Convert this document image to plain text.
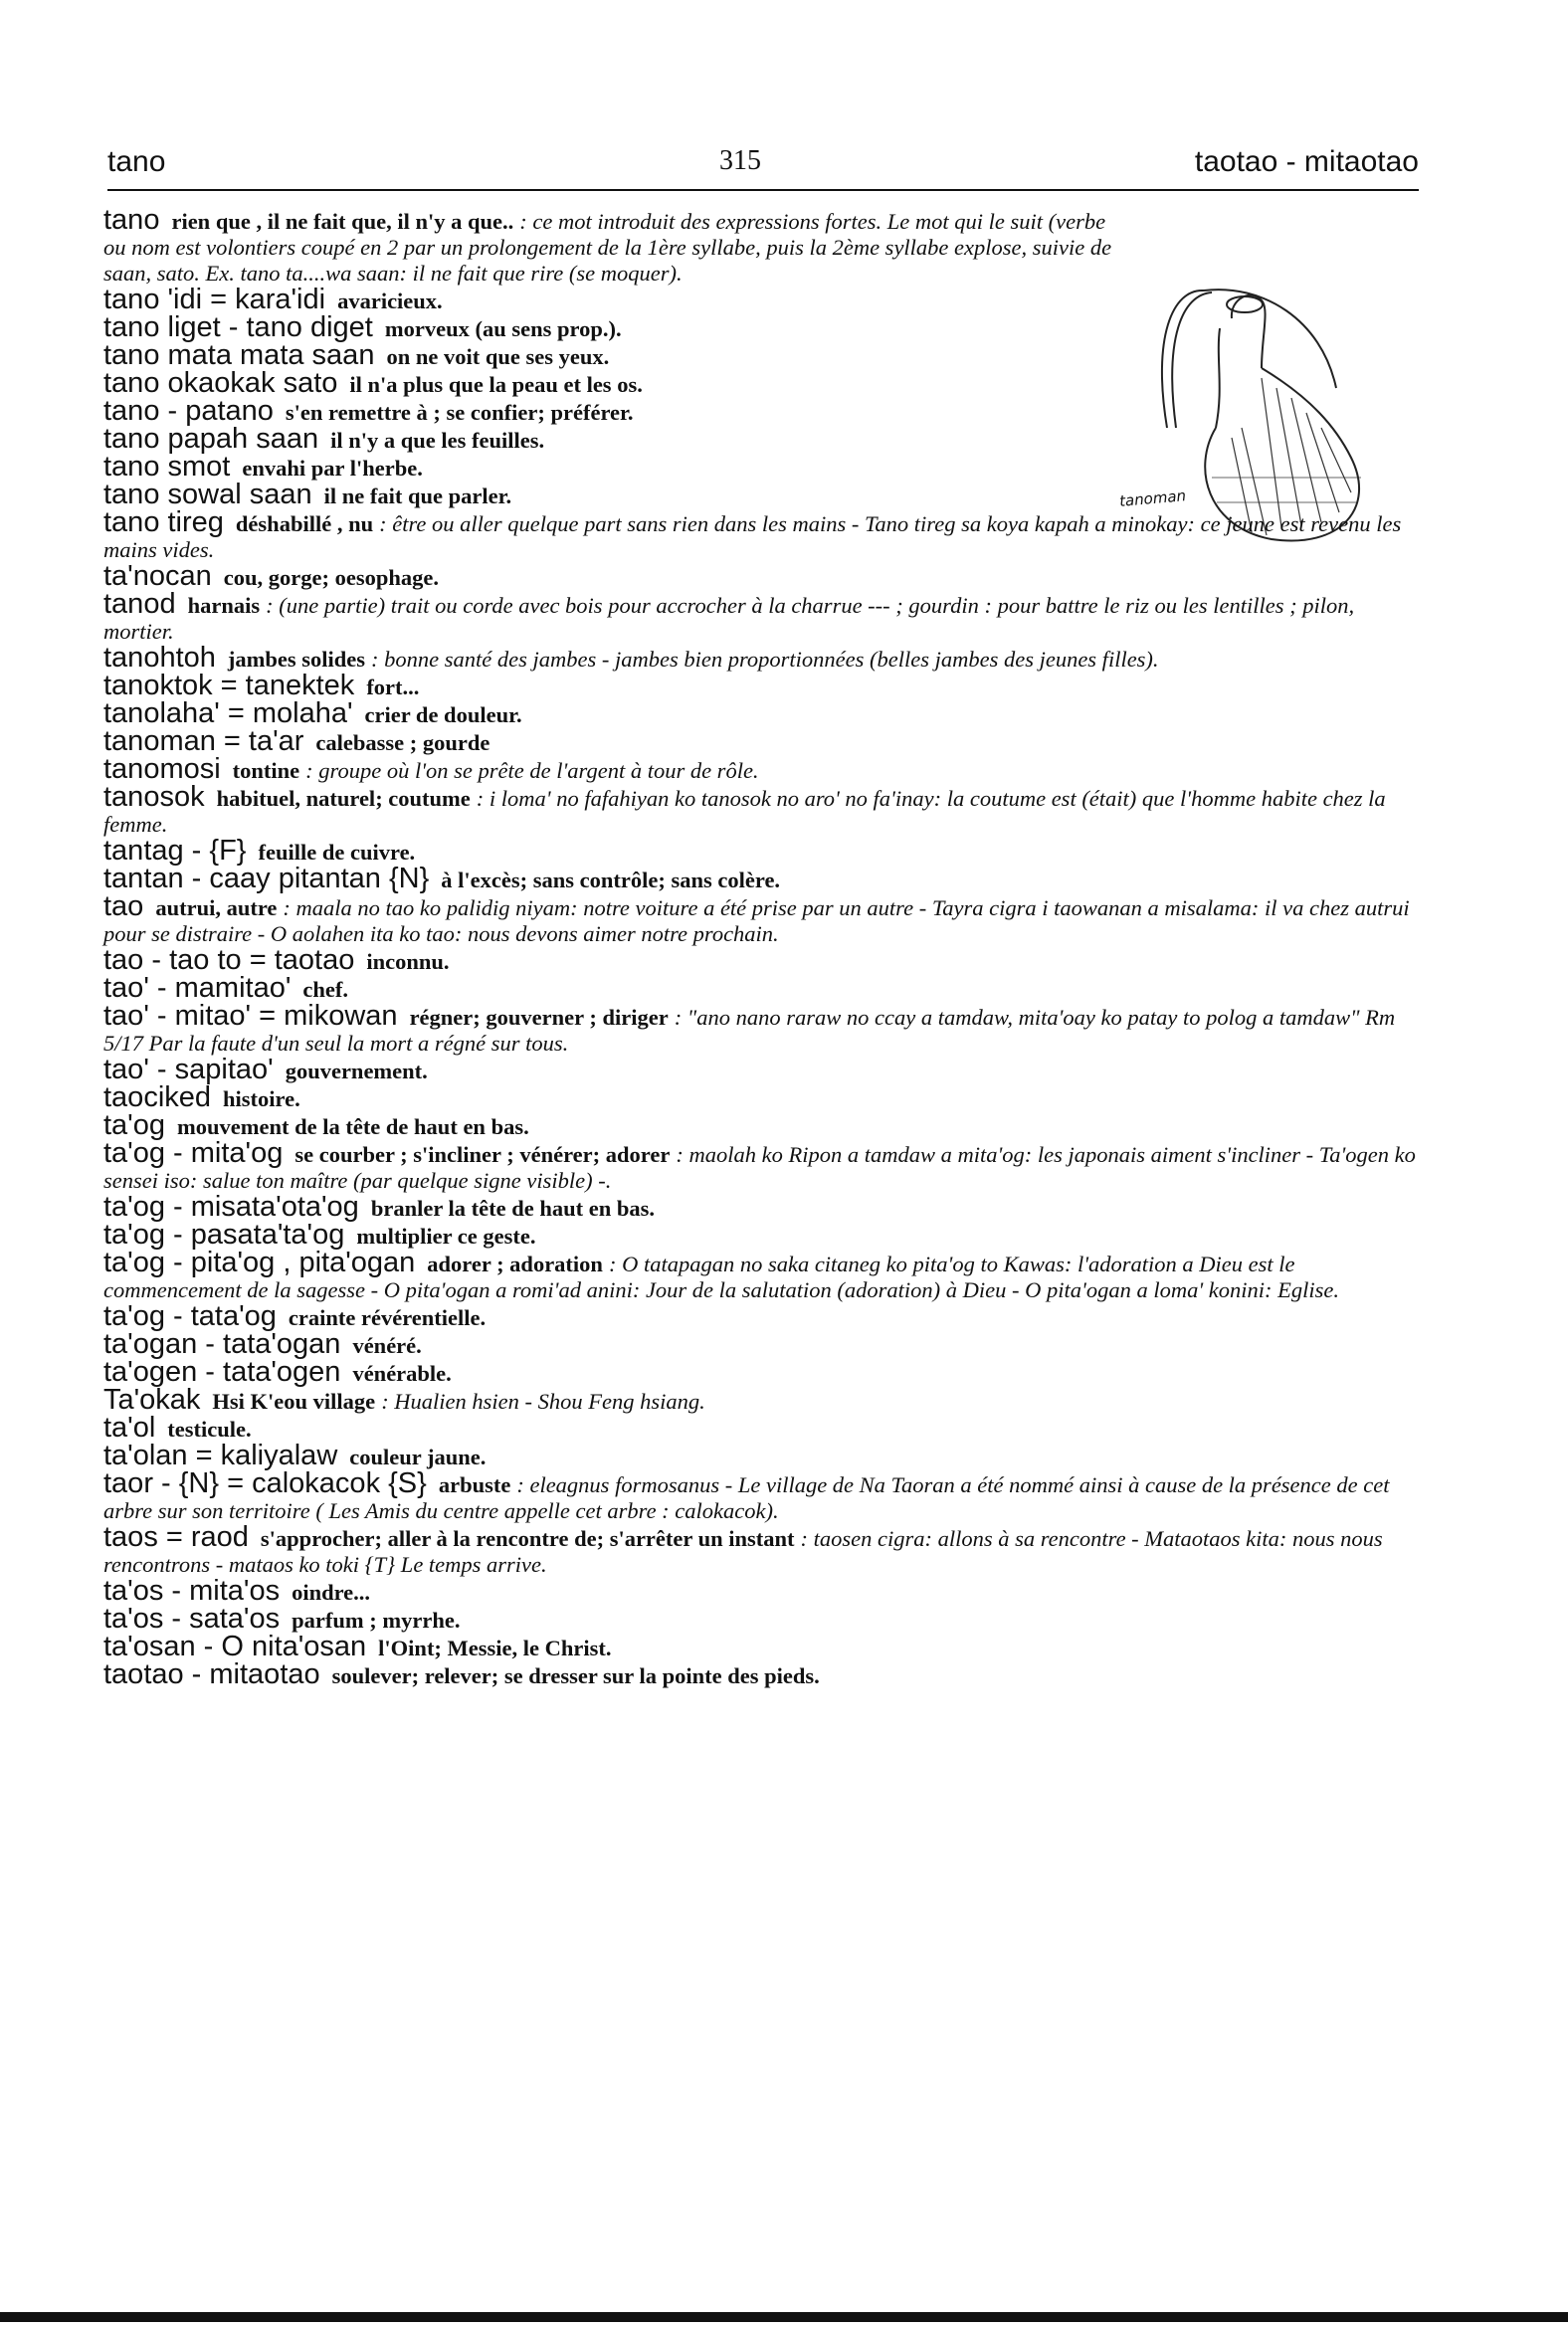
tano	315	taotao - mitaotao
tanoman

tano rien que , il ne fait que, il n'y a que.. : ce mot introduit des expressions fortes. Le mot qui le suit (verbe ou nom est volontiers coupé en 2 par un prolongement de la 1ère syllabe, puis la 2ème syllabe explose, suivie de saan, sato. Ex. tano ta....wa saan: il ne fait que rire (se moquer).

tano 'idi = kara'idi avaricieux.

tano liget - tano diget morveux (au sens prop.).

tano mata mata saan on ne voit que ses yeux.

tano okaokak sato il n'a plus que la peau et les os.

tano - patano s'en remettre à ; se confier; préférer.

tano papah saan il n'y a que les feuilles.

tano smot envahi par l'herbe.

tano sowal saan il ne fait que parler.

tano tireg déshabillé , nu : être ou aller quelque part sans rien dans les mains - Tano tireg sa koya kapah a minokay: ce jeune est revenu les mains vides.

ta'nocan cou, gorge; oesophage.

tanod harnais : (une partie) trait ou corde avec bois pour accrocher à la charrue --- ; gourdin : pour battre le riz ou les lentilles ; pilon, mortier.

tanohtoh jambes solides : bonne santé des jambes - jambes bien proportionnées (belles jambes des jeunes filles).

tanoktok = tanektek fort...

tanolaha' = molaha' crier de douleur.

tanoman = ta'ar calebasse ; gourde

tanomosi tontine : groupe où l'on se prête de l'argent à tour de rôle.

tanosok habituel, naturel; coutume : i loma' no fafahiyan ko tanosok no aro' no fa'inay: la coutume est (était) que l'homme habite chez la femme.

tantag - {F} feuille de cuivre.

tantan - caay pitantan {N} à l'excès; sans contrôle; sans colère.

tao autrui, autre : maala no tao ko palidig niyam: notre voiture a été prise par un autre - Tayra cigra i taowanan a misalama: il va chez autrui pour se distraire - O aolahen ita ko tao: nous devons aimer notre prochain.

tao - tao to = taotao inconnu.

tao' - mamitao' chef.

tao' - mitao' = mikowan régner; gouverner ; diriger : "ano nano raraw no ccay a tamdaw, mita'oay ko patay to polog a tamdaw" Rm 5/17 Par la faute d'un seul la mort a régné sur tous.

tao' - sapitao' gouvernement.

taociked histoire.

ta'og mouvement de la tête de haut en bas.

ta'og - mita'og se courber ; s'incliner ; vénérer; adorer : maolah ko Ripon a tamdaw a mita'og: les japonais aiment s'incliner - Ta'ogen ko sensei iso: salue ton maître (par quelque signe visible) -.

ta'og - misata'ota'og branler la tête de haut en bas.

ta'og - pasata'ta'og multiplier ce geste.

ta'og - pita'og , pita'ogan adorer ; adoration : O tatapagan no saka citaneg ko pita'og to Kawas: l'adoration a Dieu est le commencement de la sagesse - O pita'ogan a romi'ad anini: Jour de la salutation (adoration) à Dieu - O pita'ogan a loma' konini: Eglise.

ta'og - tata'og crainte révérentielle.

ta'ogan - tata'ogan vénéré.

ta'ogen - tata'ogen vénérable.

Ta'okak Hsi K'eou village : Hualien hsien - Shou Feng hsiang.

ta'ol testicule.

ta'olan = kaliyalaw couleur jaune.

taor - {N} = calokacok {S} arbuste : eleagnus formosanus - Le village de Na Taoran a été nommé ainsi à cause de la présence de cet arbre sur son territoire ( Les Amis du centre appelle cet arbre : calokacok).

taos = raod s'approcher; aller à la rencontre de; s'arrêter un instant : taosen cigra: allons à sa rencontre - Mataotaos kita: nous nous rencontrons - mataos ko toki {T} Le temps arrive.

ta'os - mita'os oindre...

ta'os - sata'os parfum ; myrrhe.

ta'osan - O nita'osan l'Oint; Messie, le Christ.

taotao - mitaotao soulever; relever; se dresser sur la pointe des pieds.
